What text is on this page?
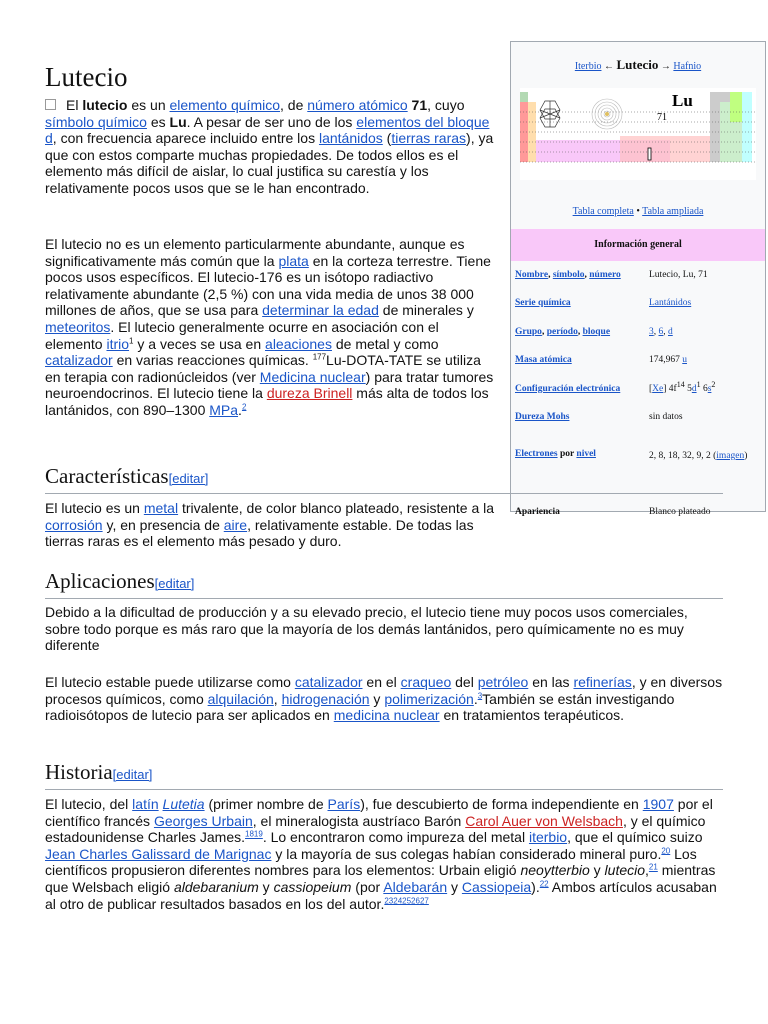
Iterbio ← Lutecio → Hafnio
71
Lu
Tabla completa • Tabla ampliada
Información general
Nombre, símbolo, número	Lutecio, Lu, 71
Serie química	Lantánidos
Grupo, período, bloque	3, 6, d
Masa atómica	174,967 u
Configuración electrónica	[Xe] $4f^{14}$ $5d^1$ $6s^2$
Dureza Mohs	sin datos
Electrones por nivel	2, 8, 18, 32, 9, 2 (imagen)
Apariencia	Blanco plateado
Lutecio
El lutecio es un elemento químico, de número atómico 71, cuyo símbolo químico es Lu. A pesar de ser uno de los elementos del bloque d, con frecuencia aparece incluido entre los lantánidos (tierras raras), ya que con estos comparte muchas propiedades. De todos ellos es el elemento más difícil de aislar, lo cual justifica su carestía y los relativamente pocos usos que se le han encontrado.
El lutecio no es un elemento particularmente abundante, aunque es significativamente más común que la plata en la corteza terrestre. Tiene pocos usos específicos. El lutecio-176 es un isótopo radiactivo relativamente abundante (2,5 %) con una vida media de unos 38 000 millones de años, que se usa para determinar la edad de minerales y meteoritos. El lutecio generalmente ocurre en asociación con el elemento itrio$^1$ y a veces se usa en aleaciones de metal y como catalizador en varias reacciones químicas. $^{177}$Lu-DOTA-TATE se utiliza en terapia con radionúcleidos (ver Medicina nuclear) para tratar tumores neuroendocrinos. El lutecio tiene la dureza Brinell más alta de todos los lantánidos, con 890–1300 MPa.$^2$
Características[editar]
El lutecio es un metal trivalente, de color blanco plateado, resistente a la corrosión y, en presencia de aire, relativamente estable. De todas las tierras raras es el elemento más pesado y duro.
Aplicaciones[editar]
Debido a la dificultad de producción y a su elevado precio, el lutecio tiene muy pocos usos comerciales, sobre todo porque es más raro que la mayoría de los demás lantánidos, pero químicamente no es muy diferente
El lutecio estable puede utilizarse como catalizador en el craqueo del petróleo en las refinerías, y en diversos procesos químicos, como alquilación, hidrogenación y polimerización.$^3$También se están investigando radioisótopos de lutecio para ser aplicados en medicina nuclear en tratamientos terapéuticos.
Historia[editar]
El lutecio, del latín Lutetia (primer nombre de París), fue descubierto de forma independiente en 1907 por el científico francés Georges Urbain, el mineralogista austríaco Barón Carol Auer von Welsbach, y el químico estadounidense Charles James.$^{1819}$. Lo encontraron como impureza del metal iterbio, que el químico suizo Jean Charles Galissard de Marignac y la mayoría de sus colegas habían considerado mineral puro.$^{20}$ Los científicos propusieron diferentes nombres para los elementos: Urbain eligió neoytterbio y lutecio,$^{21}$ mientras que Welsbach eligió aldebaranium y cassiopeium (por Aldebarán y Cassiopeia).$^{22}$ Ambos artículos acusaban al otro de publicar resultados basados en los del autor.$^{2324252627}$
